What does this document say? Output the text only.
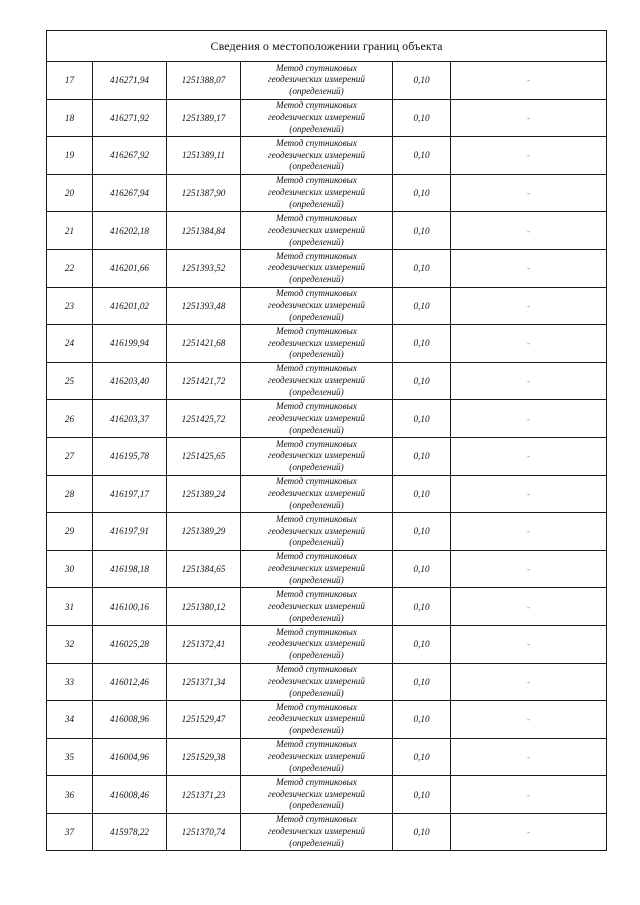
Сведения о местоположении границ объекта					
17	416271,94	1251388,07	Метод спутниковых
геодезических измерений
(определений)	0,10	-
18	416271,92	1251389,17	Метод спутниковых
геодезических измерений
(определений)	0,10	-
19	416267,92	1251389,11	Метод спутниковых
геодезических измерений
(определений)	0,10	-
20	416267,94	1251387,90	Метод спутниковых
геодезических измерений
(определений)	0,10	-
21	416202,18	1251384,84	Метод спутниковых
геодезических измерений
(определений)	0,10	-
22	416201,66	1251393,52	Метод спутниковых
геодезических измерений
(определений)	0,10	-
23	416201,02	1251393,48	Метод спутниковых
геодезических измерений
(определений)	0,10	-
24	416199,94	1251421,68	Метод спутниковых
геодезических измерений
(определений)	0,10	-
25	416203,40	1251421,72	Метод спутниковых
геодезических измерений
(определений)	0,10	-
26	416203,37	1251425,72	Метод спутниковых
геодезических измерений
(определений)	0,10	-
27	416195,78	1251425,65	Метод спутниковых
геодезических измерений
(определений)	0,10	-
28	416197,17	1251389,24	Метод спутниковых
геодезических измерений
(определений)	0,10	-
29	416197,91	1251389,29	Метод спутниковых
геодезических измерений
(определений)	0,10	-
30	416198,18	1251384,65	Метод спутниковых
геодезических измерений
(определений)	0,10	-
31	416100,16	1251380,12	Метод спутниковых
геодезических измерений
(определений)	0,10	-
32	416025,28	1251372,41	Метод спутниковых
геодезических измерений
(определений)	0,10	-
33	416012,46	1251371,34	Метод спутниковых
геодезических измерений
(определений)	0,10	-
34	416008,96	1251529,47	Метод спутниковых
геодезических измерений
(определений)	0,10	-
35	416004,96	1251529,38	Метод спутниковых
геодезических измерений
(определений)	0,10	-
36	416008,46	1251371,23	Метод спутниковых
геодезических измерений
(определений)	0,10	-
37	415978,22	1251370,74	Метод спутниковых
геодезических измерений
(определений)	0,10	-
